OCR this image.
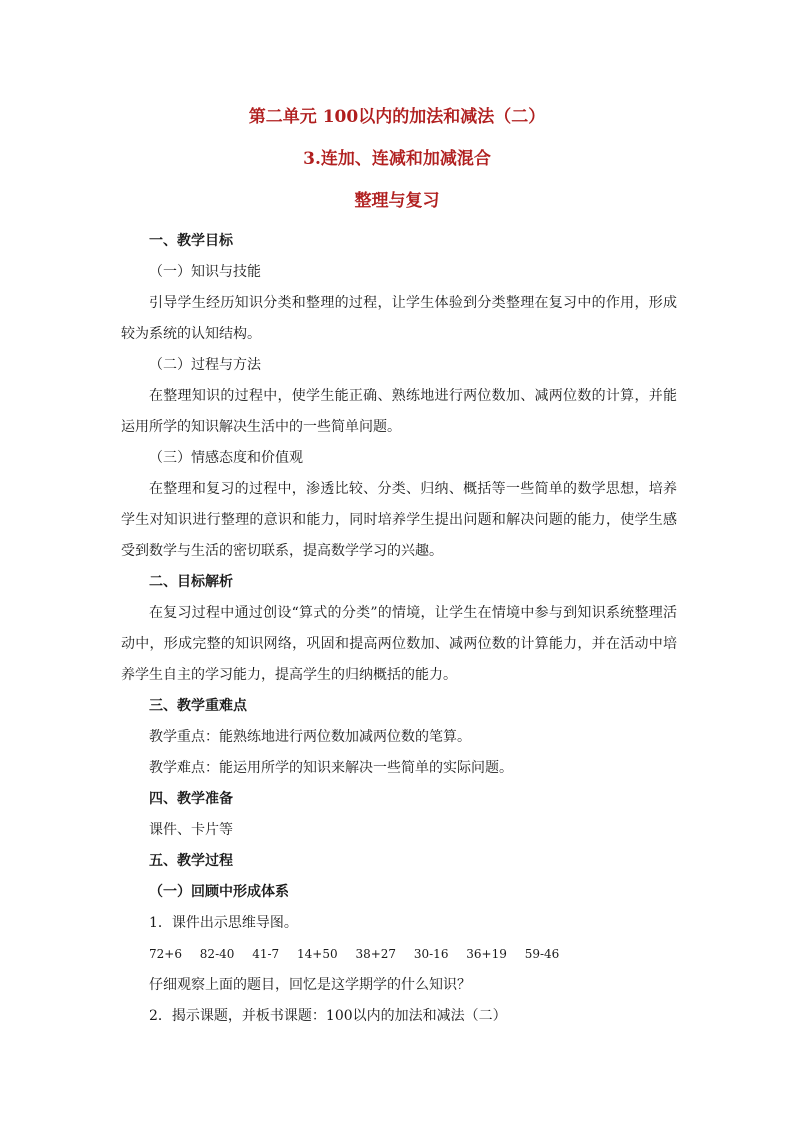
第二单元 100以内的加法和减法（二）
3.连加、连减和加减混合
整理与复习
一、教学目标
（一）知识与技能

引导学生经历知识分类和整理的过程，让学生体验到分类整理在复习中的作用，形成较为系统的认知结构。

（二）过程与方法

在整理知识的过程中，使学生能正确、熟练地进行两位数加、减两位数的计算，并能运用所学的知识解决生活中的一些简单问题。

（三）情感态度和价值观

在整理和复习的过程中，渗透比较、分类、归纳、概括等一些简单的数学思想，培养学生对知识进行整理的意识和能力，同时培养学生提出问题和解决问题的能力，使学生感受到数学与生活的密切联系，提高数学学习的兴趣。

二、目标解析

在复习过程中通过创设“算式的分类”的情境，让学生在情境中参与到知识系统整理活动中，形成完整的知识网络，巩固和提高两位数加、减两位数的计算能力，并在活动中培养学生自主的学习能力，提高学生的归纳概括的能力。

三、教学重难点
教学重点：能熟练地进行两位数加减两位数的笔算。
教学难点：能运用所学的知识来解决一些简单的实际问题。
四、教学准备
课件、卡片等
五、教学过程
（一）回顾中形成体系
1．课件出示思维导图。
72+6 82-40 41-7 14+50 38+27 30-16 36+19 59-46
仔细观察上面的题目，回忆是这学期学的什么知识？
2．揭示课题，并板书课题：100以内的加法和减法（二）
